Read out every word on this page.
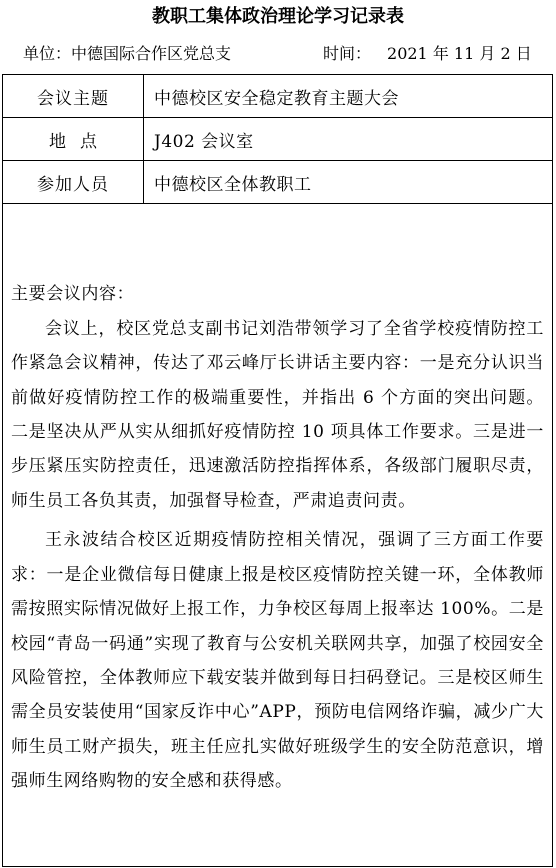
教职工集体政治理论学习记录表
单位：中德国际合作区党总支	时间： 2021 年 11 月 2 日
会议主题	中德校区安全稳定教育主题大会
地点	J402 会议室
参加人员	中德校区全体教职工

主要会议内容：

会议上，校区党总支副书记刘浩带领学习了全省学校疫情防控工作紧急会议精神，传达了邓云峰厅长讲话主要内容：一是充分认识当前做好疫情防控工作的极端重要性，并指出 6 个方面的突出问题。二是坚决从严从实从细抓好疫情防控 10 项具体工作要求。三是进一步压紧压实防控责任，迅速激活防控指挥体系，各级部门履职尽责，师生员工各负其责，加强督导检查，严肃追责问责。

王永波结合校区近期疫情防控相关情况，强调了三方面工作要求：一是企业微信每日健康上报是校区疫情防控关键一环，全体教师需按照实际情况做好上报工作，力争校区每周上报率达 100%。二是校园“青岛一码通”实现了教育与公安机关联网共享，加强了校园安全风险管控，全体教师应下载安装并做到每日扫码登记。三是校区师生需全员安装使用“国家反诈中心”APP，预防电信网络诈骗，减少广大师生员工财产损失，班主任应扎实做好班级学生的安全防范意识，增强师生网络购物的安全感和获得感。	
